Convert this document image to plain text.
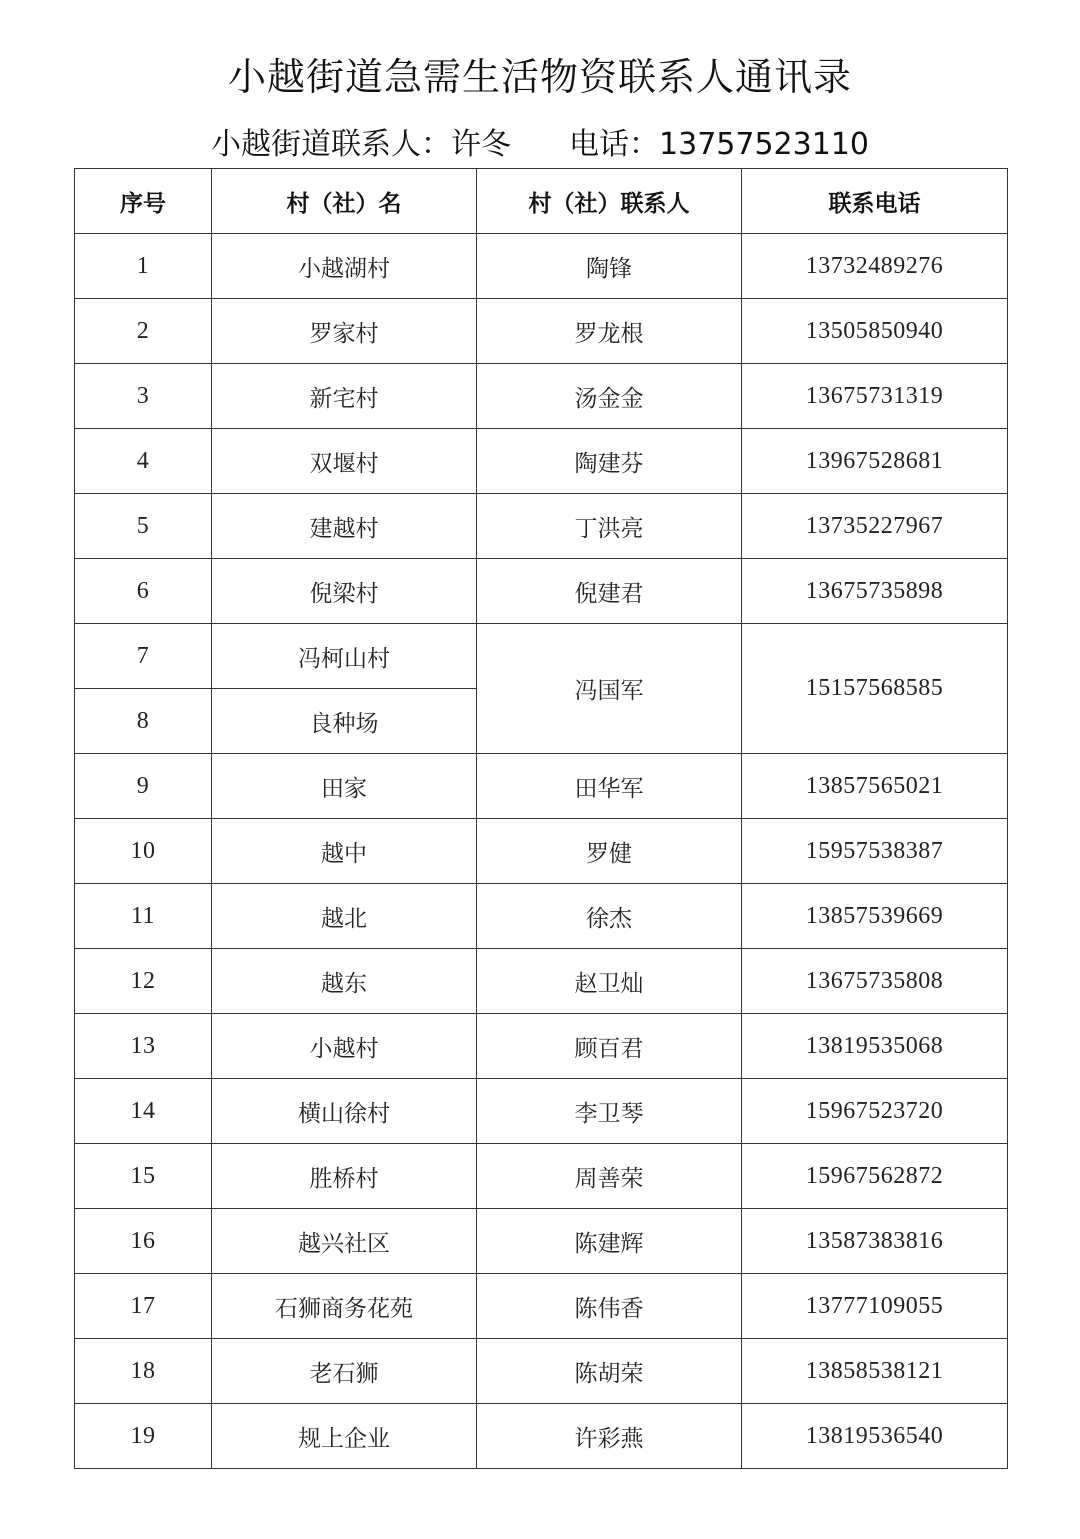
小越街道急需生活物资联系人通讯录
小越街道联系人：许冬 电话：13757523110
序号	村（社）名	村（社）联系人	联系电话
1	小越湖村	陶锋	13732489276
2	罗家村	罗龙根	13505850940
3	新宅村	汤金金	13675731319
4	双堰村	陶建芬	13967528681
5	建越村	丁洪亮	13735227967
6	倪梁村	倪建君	13675735898
7	冯柯山村	冯国军	15157568585
8	良种场		
9	田家	田华军	13857565021
10	越中	罗健	15957538387
11	越北	徐杰	13857539669
12	越东	赵卫灿	13675735808
13	小越村	顾百君	13819535068
14	横山徐村	李卫琴	15967523720
15	胜桥村	周善荣	15967562872
16	越兴社区	陈建辉	13587383816
17	石狮商务花苑	陈伟香	13777109055
18	老石狮	陈胡荣	13858538121
19	规上企业	许彩燕	13819536540
